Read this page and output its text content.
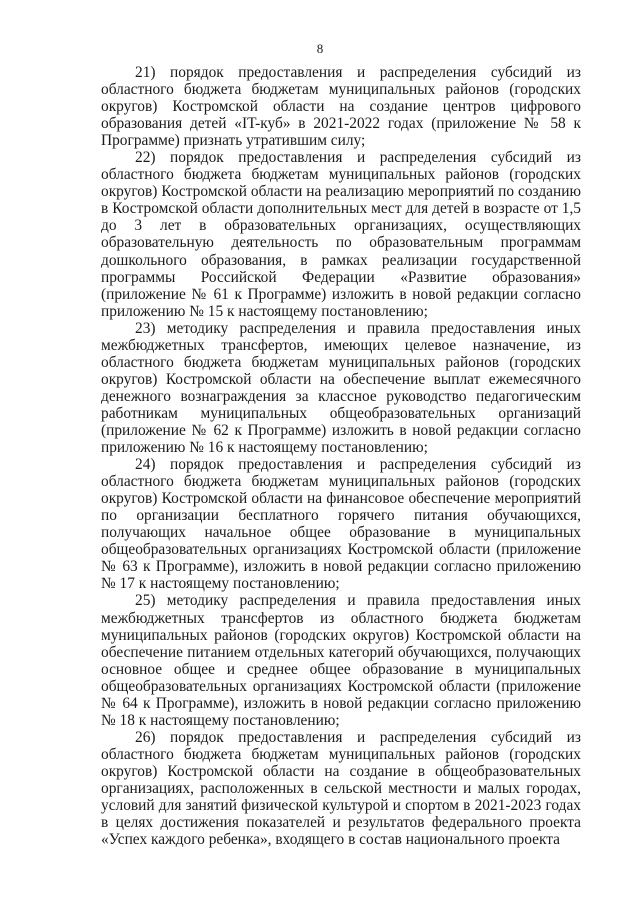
8

21) порядок предоставления и распределения субсидий из областного бюджета бюджетам муниципальных районов (городских округов) Костромской области на создание центров цифрового образования детей «IT-куб» в 2021-2022 годах (приложение № 58 к Программе) признать утратившим силу;

22) порядок предоставления и распределения субсидий из областного бюджета бюджетам муниципальных районов (городских округов) Костромской области на реализацию мероприятий по созданию в Костромской области дополнительных мест для детей в возрасте от 1,5 до 3 лет в образовательных организациях, осуществляющих образовательную деятельность по образовательным программам дошкольного образования, в рамках реализации государственной программы Российской Федерации «Развитие образования» (приложение № 61 к Программе) изложить в новой редакции согласно приложению № 15 к настоящему постановлению;

23) методику распределения и правила предоставления иных межбюджетных трансфертов, имеющих целевое назначение, из областного бюджета бюджетам муниципальных районов (городских округов) Костромской области на обеспечение выплат ежемесячного денежного вознаграждения за классное руководство педагогическим работникам муниципальных общеобразовательных организаций (приложение № 62 к Программе) изложить в новой редакции согласно приложению № 16 к настоящему постановлению;

24) порядок предоставления и распределения субсидий из областного бюджета бюджетам муниципальных районов (городских округов) Костромской области на финансовое обеспечение мероприятий по организации бесплатного горячего питания обучающихся, получающих начальное общее образование в муниципальных общеобразовательных организациях Костромской области (приложение № 63 к Программе), изложить в новой редакции согласно приложению № 17 к настоящему постановлению;

25) методику распределения и правила предоставления иных межбюджетных трансфертов из областного бюджета бюджетам муниципальных районов (городских округов) Костромской области на обеспечение питанием отдельных категорий обучающихся, получающих основное общее и среднее общее образование в муниципальных общеобразовательных организациях Костромской области (приложение № 64 к Программе), изложить в новой редакции согласно приложению № 18 к настоящему постановлению;

26) порядок предоставления и распределения субсидий из областного бюджета бюджетам муниципальных районов (городских округов) Костромской области на создание в общеобразовательных организациях, расположенных в сельской местности и малых городах, условий для занятий физической культурой и спортом в 2021-2023 годах в целях достижения показателей и результатов федерального проекта «Успех каждого ребенка», входящего в состав национального проекта
